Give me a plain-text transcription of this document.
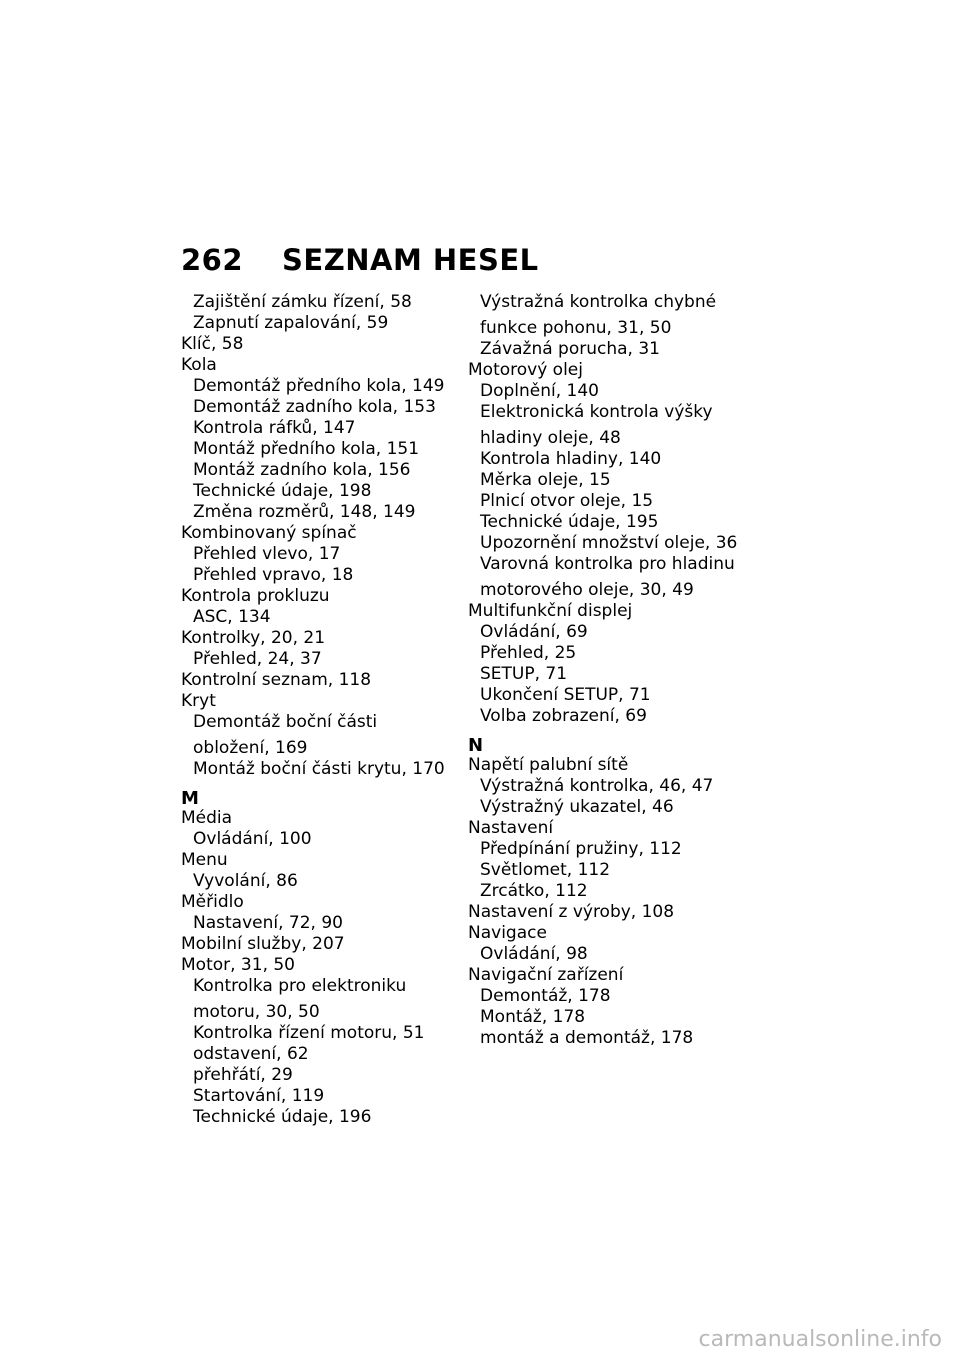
262 SEZNAM HESEL
Zajištění zámku řízení, 58
Zapnutí zapalování, 59
Klíč, 58
Kola
Demontáž předního kola, 149
Demontáž zadního kola, 153
Kontrola ráfků, 147
Montáž předního kola, 151
Montáž zadního kola, 156
Technické údaje, 198
Změna rozměrů, 148, 149
Kombinovaný spínač
Přehled vlevo, 17
Přehled vpravo, 18
Kontrola prokluzu
ASC, 134
Kontrolky, 20, 21
Přehled, 24, 37
Kontrolní seznam, 118
Kryt
Demontáž boční části
obložení, 169
Montáž boční části krytu, 170
M
Média
Ovládání, 100
Menu
Vyvolání, 86
Měřidlo
Nastavení, 72, 90
Mobilní služby, 207
Motor, 31, 50
Kontrolka pro elektroniku
motoru, 30, 50
Kontrolka řízení motoru, 51
odstavení, 62
přehřátí, 29
Startování, 119
Technické údaje, 196
Výstražná kontrolka chybné
funkce pohonu, 31, 50
Závažná porucha, 31
Motorový olej
Doplnění, 140
Elektronická kontrola výšky
hladiny oleje, 48
Kontrola hladiny, 140
Měrka oleje, 15
Plnicí otvor oleje, 15
Technické údaje, 195
Upozornění množství oleje, 36
Varovná kontrolka pro hladinu
motorového oleje, 30, 49
Multifunkční displej
Ovládání, 69
Přehled, 25
SETUP, 71
Ukončení SETUP, 71
Volba zobrazení, 69
N
Napětí palubní sítě
Výstražná kontrolka, 46, 47
Výstražný ukazatel, 46
Nastavení
Předpínání pružiny, 112
Světlomet, 112
Zrcátko, 112
Nastavení z výroby, 108
Navigace
Ovládání, 98
Navigační zařízení
Demontáž, 178
Montáž, 178
montáž a demontáž, 178
carmanualsonline.info
